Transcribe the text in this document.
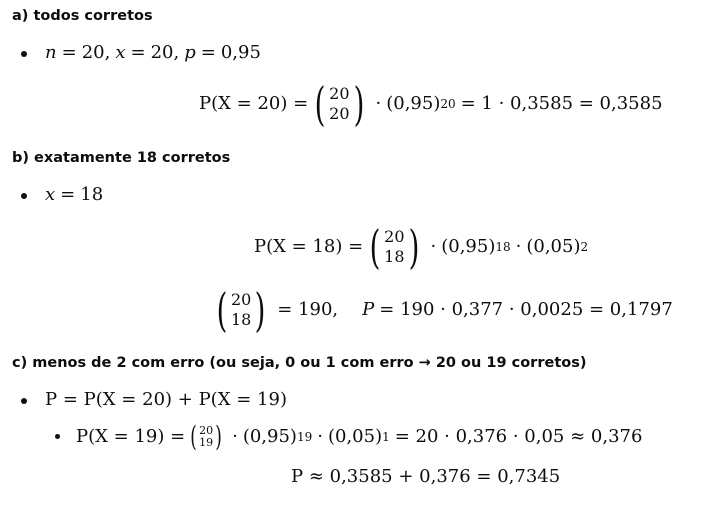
a) todos corretos
n = 20 , x = 20 , p = 0,95
P(X = 20) = ( 20
20 ) · (0,95) 20 = 1 · 0,3585 = 0,3585
b) exatamente 18 corretos
x = 18
P(X = 18) = ( 20
18 ) · (0,95) 18 · (0,05) 2
( 20
18 ) = 190, P = 190 · 0,377 · 0,0025 = 0,1797
c) menos de 2 com erro (ou seja, 0 ou 1 com erro → 20 ou 19 corretos)
P = P(X = 20) + P(X = 19)
P(X = 19) = ( 20
19 ) · (0,95) 19 · (0,05) 1 = 20 · 0,376 · 0,05 ≈ 0,376
P ≈ 0,3585 + 0,376 = 0,7345
